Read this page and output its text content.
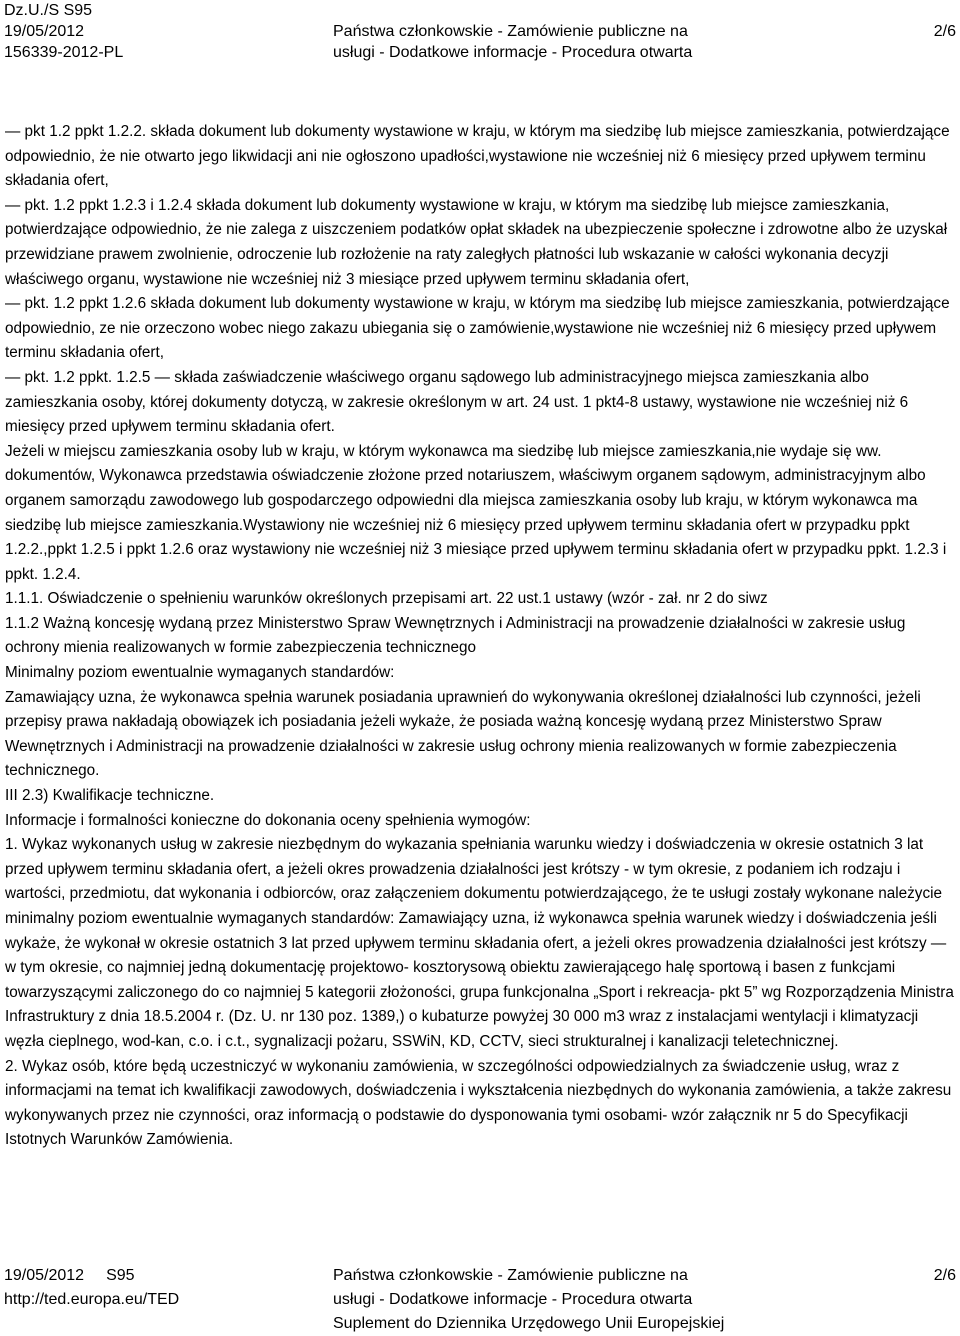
Dz.U./S S95
19/05/2012
156339-2012-PL
Państwa członkowskie - Zamówienie publiczne na
usługi - Dodatkowe informacje - Procedura otwarta
2/6

— pkt 1.2 ppkt 1.2.2. składa dokument lub dokumenty wystawione w kraju, w którym ma siedzibę lub miejsce zamieszkania, potwierdzające odpowiednio, że nie otwarto jego likwidacji ani nie ogłoszono upadłości,wystawione nie wcześniej niż 6 miesięcy przed upływem terminu składania ofert,

— pkt. 1.2 ppkt 1.2.3 i 1.2.4 składa dokument lub dokumenty wystawione w kraju, w którym ma siedzibę lub miejsce zamieszkania, potwierdzające odpowiednio, że nie zalega z uiszczeniem podatków opłat składek na ubezpieczenie społeczne i zdrowotne albo że uzyskał przewidziane prawem zwolnienie, odroczenie lub rozłożenie na raty zaległych płatności lub wskazanie w całości wykonania decyzji właściwego organu, wystawione nie wcześniej niż 3 miesiące przed upływem terminu składania ofert,

— pkt. 1.2 ppkt 1.2.6 składa dokument lub dokumenty wystawione w kraju, w którym ma siedzibę lub miejsce zamieszkania, potwierdzające odpowiednio, ze nie orzeczono wobec niego zakazu ubiegania się o zamówienie,wystawione nie wcześniej niż 6 miesięcy przed upływem terminu składania ofert,

— pkt. 1.2 ppkt. 1.2.5 — składa zaświadczenie właściwego organu sądowego lub administracyjnego miejsca zamieszkania albo zamieszkania osoby, której dokumenty dotyczą, w zakresie określonym w art. 24 ust. 1 pkt4-8 ustawy, wystawione nie wcześniej niż 6 miesięcy przed upływem terminu składania ofert.

Jeżeli w miejscu zamieszkania osoby lub w kraju, w którym wykonawca ma siedzibę lub miejsce zamieszkania,nie wydaje się ww. dokumentów, Wykonawca przedstawia oświadczenie złożone przed notariuszem, właściwym organem sądowym, administracyjnym albo organem samorządu zawodowego lub gospodarczego odpowiedni dla miejsca zamieszkania osoby lub kraju, w którym wykonawca ma siedzibę lub miejsce zamieszkania.Wystawiony nie wcześniej niż 6 miesięcy przed upływem terminu składania ofert w przypadku ppkt 1.2.2.,ppkt 1.2.5 i ppkt 1.2.6 oraz wystawiony nie wcześniej niż 3 miesiące przed upływem terminu składania ofert w przypadku ppkt. 1.2.3 i ppkt. 1.2.4.

1.1.1. Oświadczenie o spełnieniu warunków określonych przepisami art. 22 ust.1 ustawy (wzór - zał. nr 2 do siwz

1.1.2 Ważną koncesję wydaną przez Ministerstwo Spraw Wewnętrznych i Administracji na prowadzenie działalności w zakresie usług ochrony mienia realizowanych w formie zabezpieczenia technicznego

Minimalny poziom ewentualnie wymaganych standardów:

Zamawiający uzna, że wykonawca spełnia warunek posiadania uprawnień do wykonywania określonej działalności lub czynności, jeżeli przepisy prawa nakładają obowiązek ich posiadania jeżeli wykaże, że posiada ważną koncesję wydaną przez Ministerstwo Spraw Wewnętrznych i Administracji na prowadzenie działalności w zakresie usług ochrony mienia realizowanych w formie zabezpieczenia technicznego.

III 2.3) Kwalifikacje techniczne.

Informacje i formalności konieczne do dokonania oceny spełnienia wymogów:

1. Wykaz wykonanych usług w zakresie niezbędnym do wykazania spełniania warunku wiedzy i doświadczenia w okresie ostatnich 3 lat przed upływem terminu składania ofert, a jeżeli okres prowadzenia działalności jest krótszy - w tym okresie, z podaniem ich rodzaju i wartości, przedmiotu, dat wykonania i odbiorców, oraz załączeniem dokumentu potwierdzającego, że te usługi zostały wykonane należycie minimalny poziom ewentualnie wymaganych standardów: Zamawiający uzna, iż wykonawca spełnia warunek wiedzy i doświadczenia jeśli wykaże, że wykonał w okresie ostatnich 3 lat przed upływem terminu składania ofert, a jeżeli okres prowadzenia działalności jest krótszy — w tym okresie, co najmniej jedną dokumentację projektowo- kosztorysową obiektu zawierającego halę sportową i basen z funkcjami towarzyszącymi zaliczonego do co najmniej 5 kategorii złożoności, grupa funkcjonalna „Sport i rekreacja- pkt 5” wg Rozporządzenia Ministra Infrastruktury z dnia 18.5.2004 r. (Dz. U. nr 130 poz. 1389,) o kubaturze powyżej 30 000 m3 wraz z instalacjami wentylacji i klimatyzacji węzła cieplnego, wod-kan, c.o. i c.t., sygnalizacji pożaru, SSWiN, KD, CCTV, sieci strukturalnej i kanalizacji teletechnicznej.

2. Wykaz osób, które będą uczestniczyć w wykonaniu zamówienia, w szczególności odpowiedzialnych za świadczenie usług, wraz z informacjami na temat ich kwalifikacji zawodowych, doświadczenia i wykształcenia niezbędnych do wykonania zamówienia, a także zakresu wykonywanych przez nie czynności, oraz informacją o podstawie do dysponowania tymi osobami- wzór załącznik nr 5 do Specyfikacji Istotnych Warunków Zamówienia.

19/05/2012 S95
http://ted.europa.eu/TED
Państwa członkowskie - Zamówienie publiczne na
usługi - Dodatkowe informacje - Procedura otwarta
Suplement do Dziennika Urzędowego Unii Europejskiej
2/6
